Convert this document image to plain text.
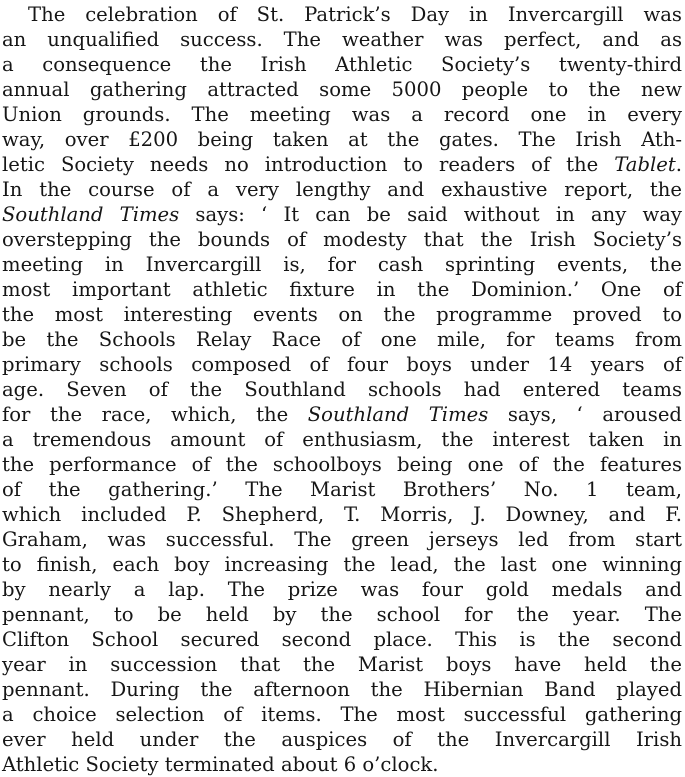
The celebration of St. Patrick’s Day in Invercargill was
an unqualified success. The weather was perfect, and as
a consequence the Irish Athletic Society’s twenty-third
annual gathering attracted some 5000 people to the new
Union grounds. The meeting was a record one in every
way, over £200 being taken at the gates. The Irish Ath-
letic Society needs no introduction to readers of the Tablet.
In the course of a very lengthy and exhaustive report, the
Southland Times says: ‘ It can be said without in any way
overstepping the bounds of modesty that the Irish Society’s
meeting in Invercargill is, for cash sprinting events, the
most important athletic fixture in the Dominion.’ One of
the most interesting events on the programme proved to
be the Schools Relay Race of one mile, for teams from
primary schools composed of four boys under 14 years of
age. Seven of the Southland schools had entered teams
for the race, which, the Southland Times says, ‘ aroused
a tremendous amount of enthusiasm, the interest taken in
the performance of the schoolboys being one of the features
of the gathering.’ The Marist Brothers’ No. 1 team,
which included P. Shepherd, T. Morris, J. Downey, and F.
Graham, was successful. The green jerseys led from start
to finish, each boy increasing the lead, the last one winning
by nearly a lap. The prize was four gold medals and
pennant, to be held by the school for the year. The
Clifton School secured second place. This is the second
year in succession that the Marist boys have held the
pennant. During the afternoon the Hibernian Band played
a choice selection of items. The most successful gathering
ever held under the auspices of the Invercargill Irish
Athletic Society terminated about 6 o’clock.
